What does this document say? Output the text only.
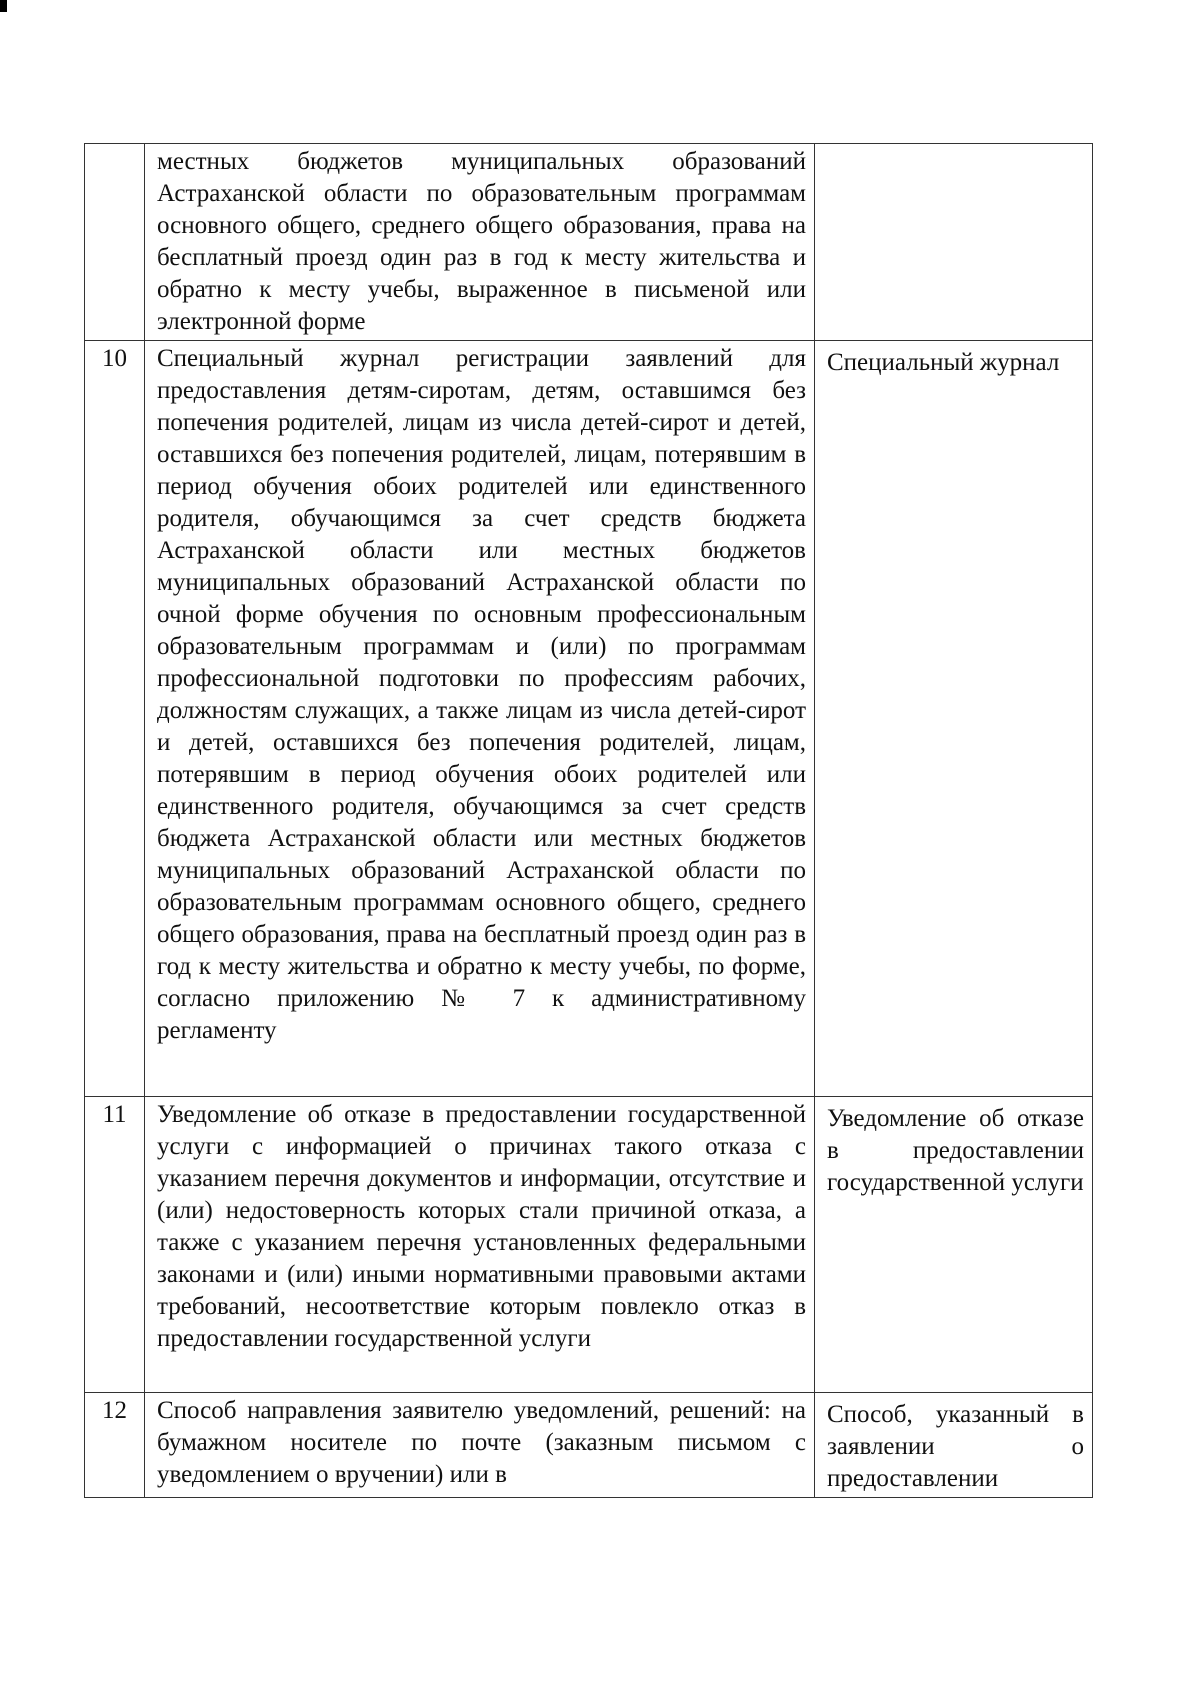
	местных бюджетов муниципальных образований Астраханской области по образовательным программам основного общего, среднего общего образования, права на бесплатный проезд один раз в год к месту жительства и обратно к месту учебы, выраженное в письменой или электронной форме	
10	Специальный журнал регистрации заявлений для предоставления детям-сиротам, детям, оставшимся без попечения родителей, лицам из числа детей-сирот и детей, оставшихся без попечения родителей, лицам, потерявшим в период обучения обоих родителей или единственного родителя, обучающимся за счет средств бюджета Астраханской области или местных бюджетов муниципальных образований Астраханской области по очной форме обучения по основным профессиональным образовательным программам и (или) по программам профессиональной подготовки по профессиям рабочих, должностям служащих, а также лицам из числа детей-сирот и детей, оставшихся без попечения родителей, лицам, потерявшим в период обучения обоих родителей или единственного родителя, обучающимся за счет средств бюджета Астраханской области или местных бюджетов муниципальных образований Астраханской области по образовательным программам основного общего, среднего общего образования, права на бесплатный проезд один раз в год к месту жительства и обратно к месту учебы, по форме, согласно приложению № 7 к административному регламенту	Специальный журнал
11	Уведомление об отказе в предоставлении государственной услуги с информацией о причинах такого отказа с указанием перечня документов и информации, отсутствие и (или) недостоверность которых стали причиной отказа, а также с указанием перечня установленных федеральными законами и (или) иными нормативными правовыми актами требований, несоответствие которым повлекло отказ в предоставлении государственной услуги	Уведомление об отказе в предоставлении государственной услуги
12	Способ направления заявителю уведомлений, решений: на бумажном носителе по почте (заказным письмом с уведомлением о вручении) или в	Способ, указанный в заявлении о предоставлении
